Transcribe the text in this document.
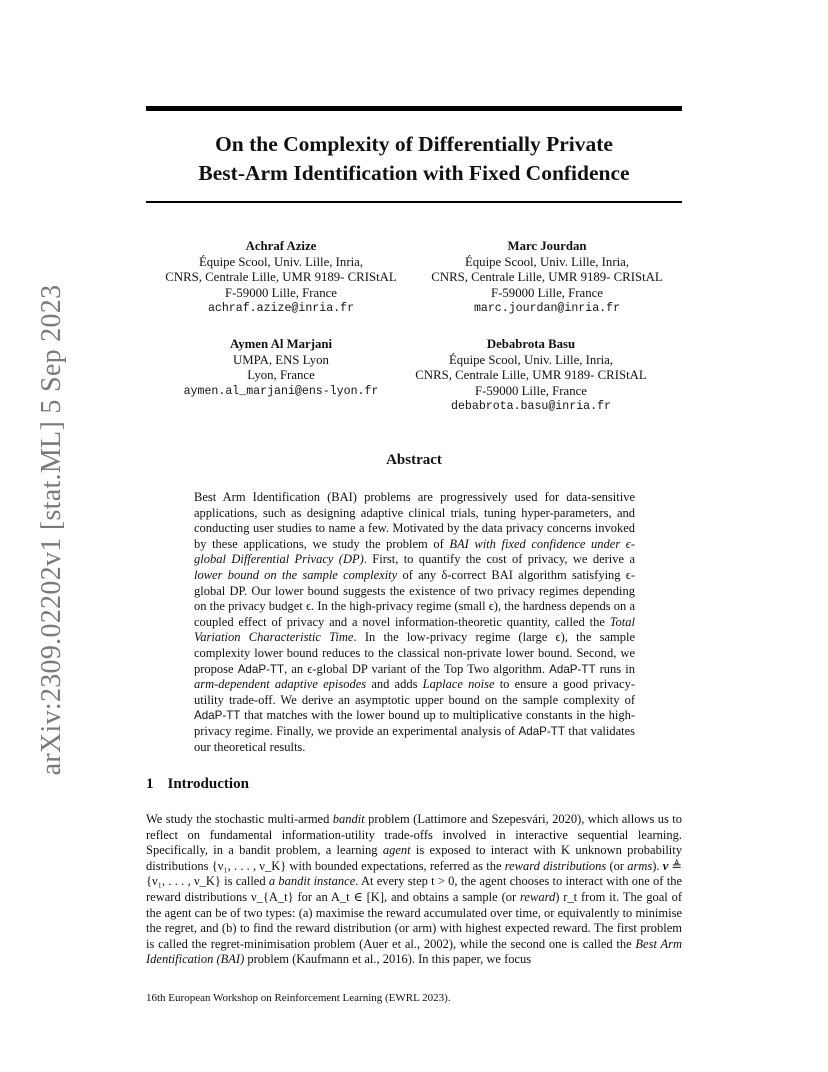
arXiv:2309.02202v1 [stat.ML] 5 Sep 2023
On the Complexity of Differentially Private
Best-Arm Identification with Fixed Confidence
Achraf Azize
Équipe Scool, Univ. Lille, Inria,
CNRS, Centrale Lille, UMR 9189- CRIStAL
F-59000 Lille, France
achraf.azize@inria.fr
Marc Jourdan
Équipe Scool, Univ. Lille, Inria,
CNRS, Centrale Lille, UMR 9189- CRIStAL
F-59000 Lille, France
marc.jourdan@inria.fr
Aymen Al Marjani
UMPA, ENS Lyon
Lyon, France
aymen.al_marjani@ens-lyon.fr
Debabrota Basu
Équipe Scool, Univ. Lille, Inria,
CNRS, Centrale Lille, UMR 9189- CRIStAL
F-59000 Lille, France
debabrota.basu@inria.fr
Abstract
Best Arm Identification (BAI) problems are progressively used for data-sensitive applications, such as designing adaptive clinical trials, tuning hyper-parameters, and conducting user studies to name a few. Motivated by the data privacy concerns invoked by these applications, we study the problem of BAI with fixed confidence under ϵ-global Differential Privacy (DP). First, to quantify the cost of privacy, we derive a lower bound on the sample complexity of any δ-correct BAI algorithm satisfying ϵ-global DP. Our lower bound suggests the existence of two privacy regimes depending on the privacy budget ϵ. In the high-privacy regime (small ϵ), the hardness depends on a coupled effect of privacy and a novel information-theoretic quantity, called the Total Variation Characteristic Time. In the low-privacy regime (large ϵ), the sample complexity lower bound reduces to the classical non-private lower bound. Second, we propose AdaP-TT, an ϵ-global DP variant of the Top Two algorithm. AdaP-TT runs in arm-dependent adaptive episodes and adds Laplace noise to ensure a good privacy-utility trade-off. We derive an asymptotic upper bound on the sample complexity of AdaP-TT that matches with the lower bound up to multiplicative constants in the high-privacy regime. Finally, we provide an experimental analysis of AdaP-TT that validates our theoretical results.
1 Introduction
We study the stochastic multi-armed bandit problem (Lattimore and Szepesvári, 2020), which allows us to reflect on fundamental information-utility trade-offs involved in interactive sequential learning. Specifically, in a bandit problem, a learning agent is exposed to interact with K unknown probability distributions {ν₁, . . . , ν_K} with bounded expectations, referred as the reward distributions (or arms). ν ≜ {ν₁, . . . , ν_K} is called a bandit instance. At every step t > 0, the agent chooses to interact with one of the reward distributions ν_{A_t} for an A_t ∈ [K], and obtains a sample (or reward) r_t from it. The goal of the agent can be of two types: (a) maximise the reward accumulated over time, or equivalently to minimise the regret, and (b) to find the reward distribution (or arm) with highest expected reward. The first problem is called the regret-minimisation problem (Auer et al., 2002), while the second one is called the Best Arm Identification (BAI) problem (Kaufmann et al., 2016). In this paper, we focus
16th European Workshop on Reinforcement Learning (EWRL 2023).
